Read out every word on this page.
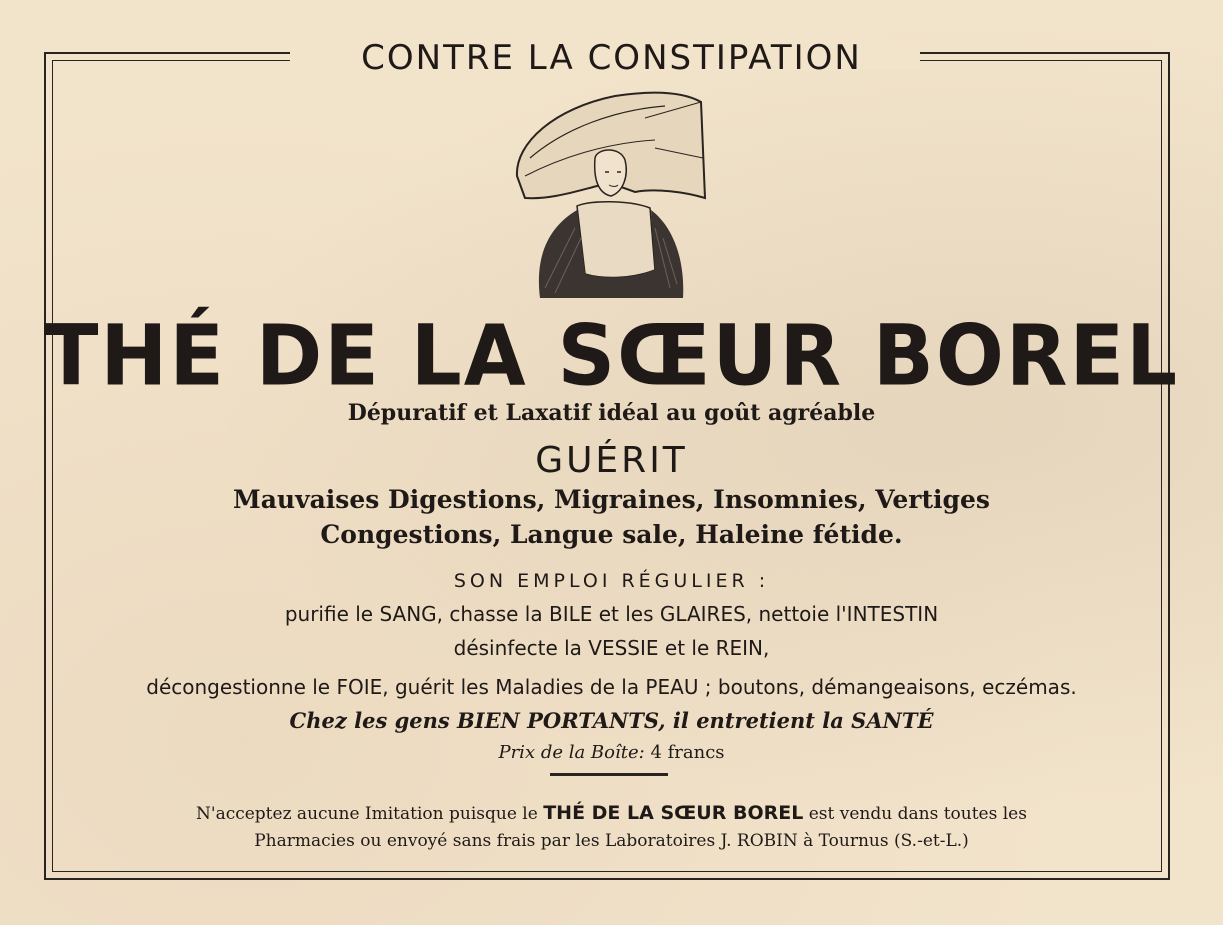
CONTRE LA CONSTIPATION
THÉ DE LA SŒUR BOREL
Dépuratif et Laxatif idéal au goût agréable
GUÉRIT
Mauvaises Digestions, Migraines, Insomnies, Vertiges
Congestions, Langue sale, Haleine fétide.
SON EMPLOI RÉGULIER :
purifie le SANG, chasse la BILE et les GLAIRES, nettoie l'INTESTIN
désinfecte la VESSIE et le REIN,
décongestionne le FOIE, guérit les Maladies de la PEAU ; boutons, démangeaisons, eczémas.
Chez les gens BIEN PORTANTS, il entretient la SANTÉ
Prix de la Boîte: 4 francs
N'acceptez aucune Imitation puisque le THÉ DE LA SŒUR BOREL est vendu dans toutes les
Pharmacies ou envoyé sans frais par les Laboratoires J. ROBIN à Tournus (S.-et-L.)
